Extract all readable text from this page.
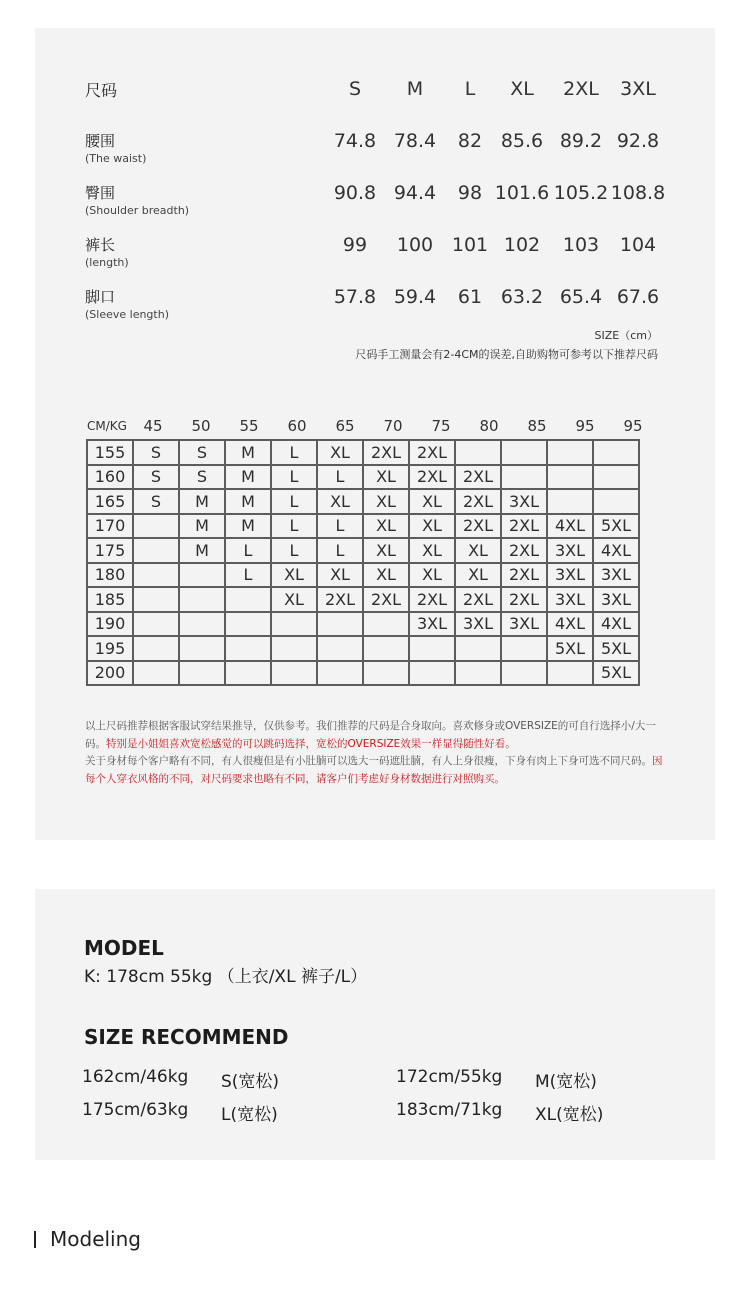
尺码	S	M	L	XL	2XL	3XL
腰围
(The waist)
74.8 78.4	82 85.6 89.2 92.8
臀围
(Shoulder breadth)
90.8 94.4	98 101.6 105.2 108.8
裤长
(length)
99	100 101 102	103	104
脚口
(Sleeve length)
57.8 59.4	61 63.2 65.4 67.6
SIZE（cm）
尺码手工测量会有2-4CM的误差,自助购物可参考以下推荐尺码
CM/KG	45	50	55	60	65	70	75	80	85	95	95
155	S	S	M	L	XL	2XL	2XL				
160	S	S	M	L	L	XL	2XL	2XL			
165	S	M	M	L	XL	XL	XL	2XL	3XL		
170		M	M	L	L	XL	XL	2XL	2XL	4XL	5XL
175		M	L	L	L	XL	XL	XL	2XL	3XL	4XL
180			L	XL	XL	XL	XL	XL	2XL	3XL	3XL
185				XL	2XL	2XL	2XL	2XL	2XL	3XL	3XL
190							3XL	3XL	3XL	4XL	4XL
195										5XL	5XL
200											5XL
以上尺码推荐根据客服试穿结果推导，仅供参考。我们推荐的尺码是合身取向。喜欢修身或OVERSIZE的可自行选择小/大一码。特别是小姐姐喜欢宽松感觉的可以跳码选择，宽松的OVERSIZE效果一样显得随性好看。
关于身材每个客户略有不同，有人很瘦但是有小肚腩可以选大一码遮肚腩，有人上身很瘦，下身有肉上下身可选不同尺码。因每个人穿衣风格的不同，对尺码要求也略有不同，请客户们考虑好身材数据进行对照购买。
MODEL
K: 178cm 55kg （上衣/XL 裤子/L）
SIZE RECOMMEND
162cm/46kg S(宽松)	172cm/55kg M(宽松)
175cm/63kg L(宽松)	183cm/71kg XL(宽松)
Modeling
